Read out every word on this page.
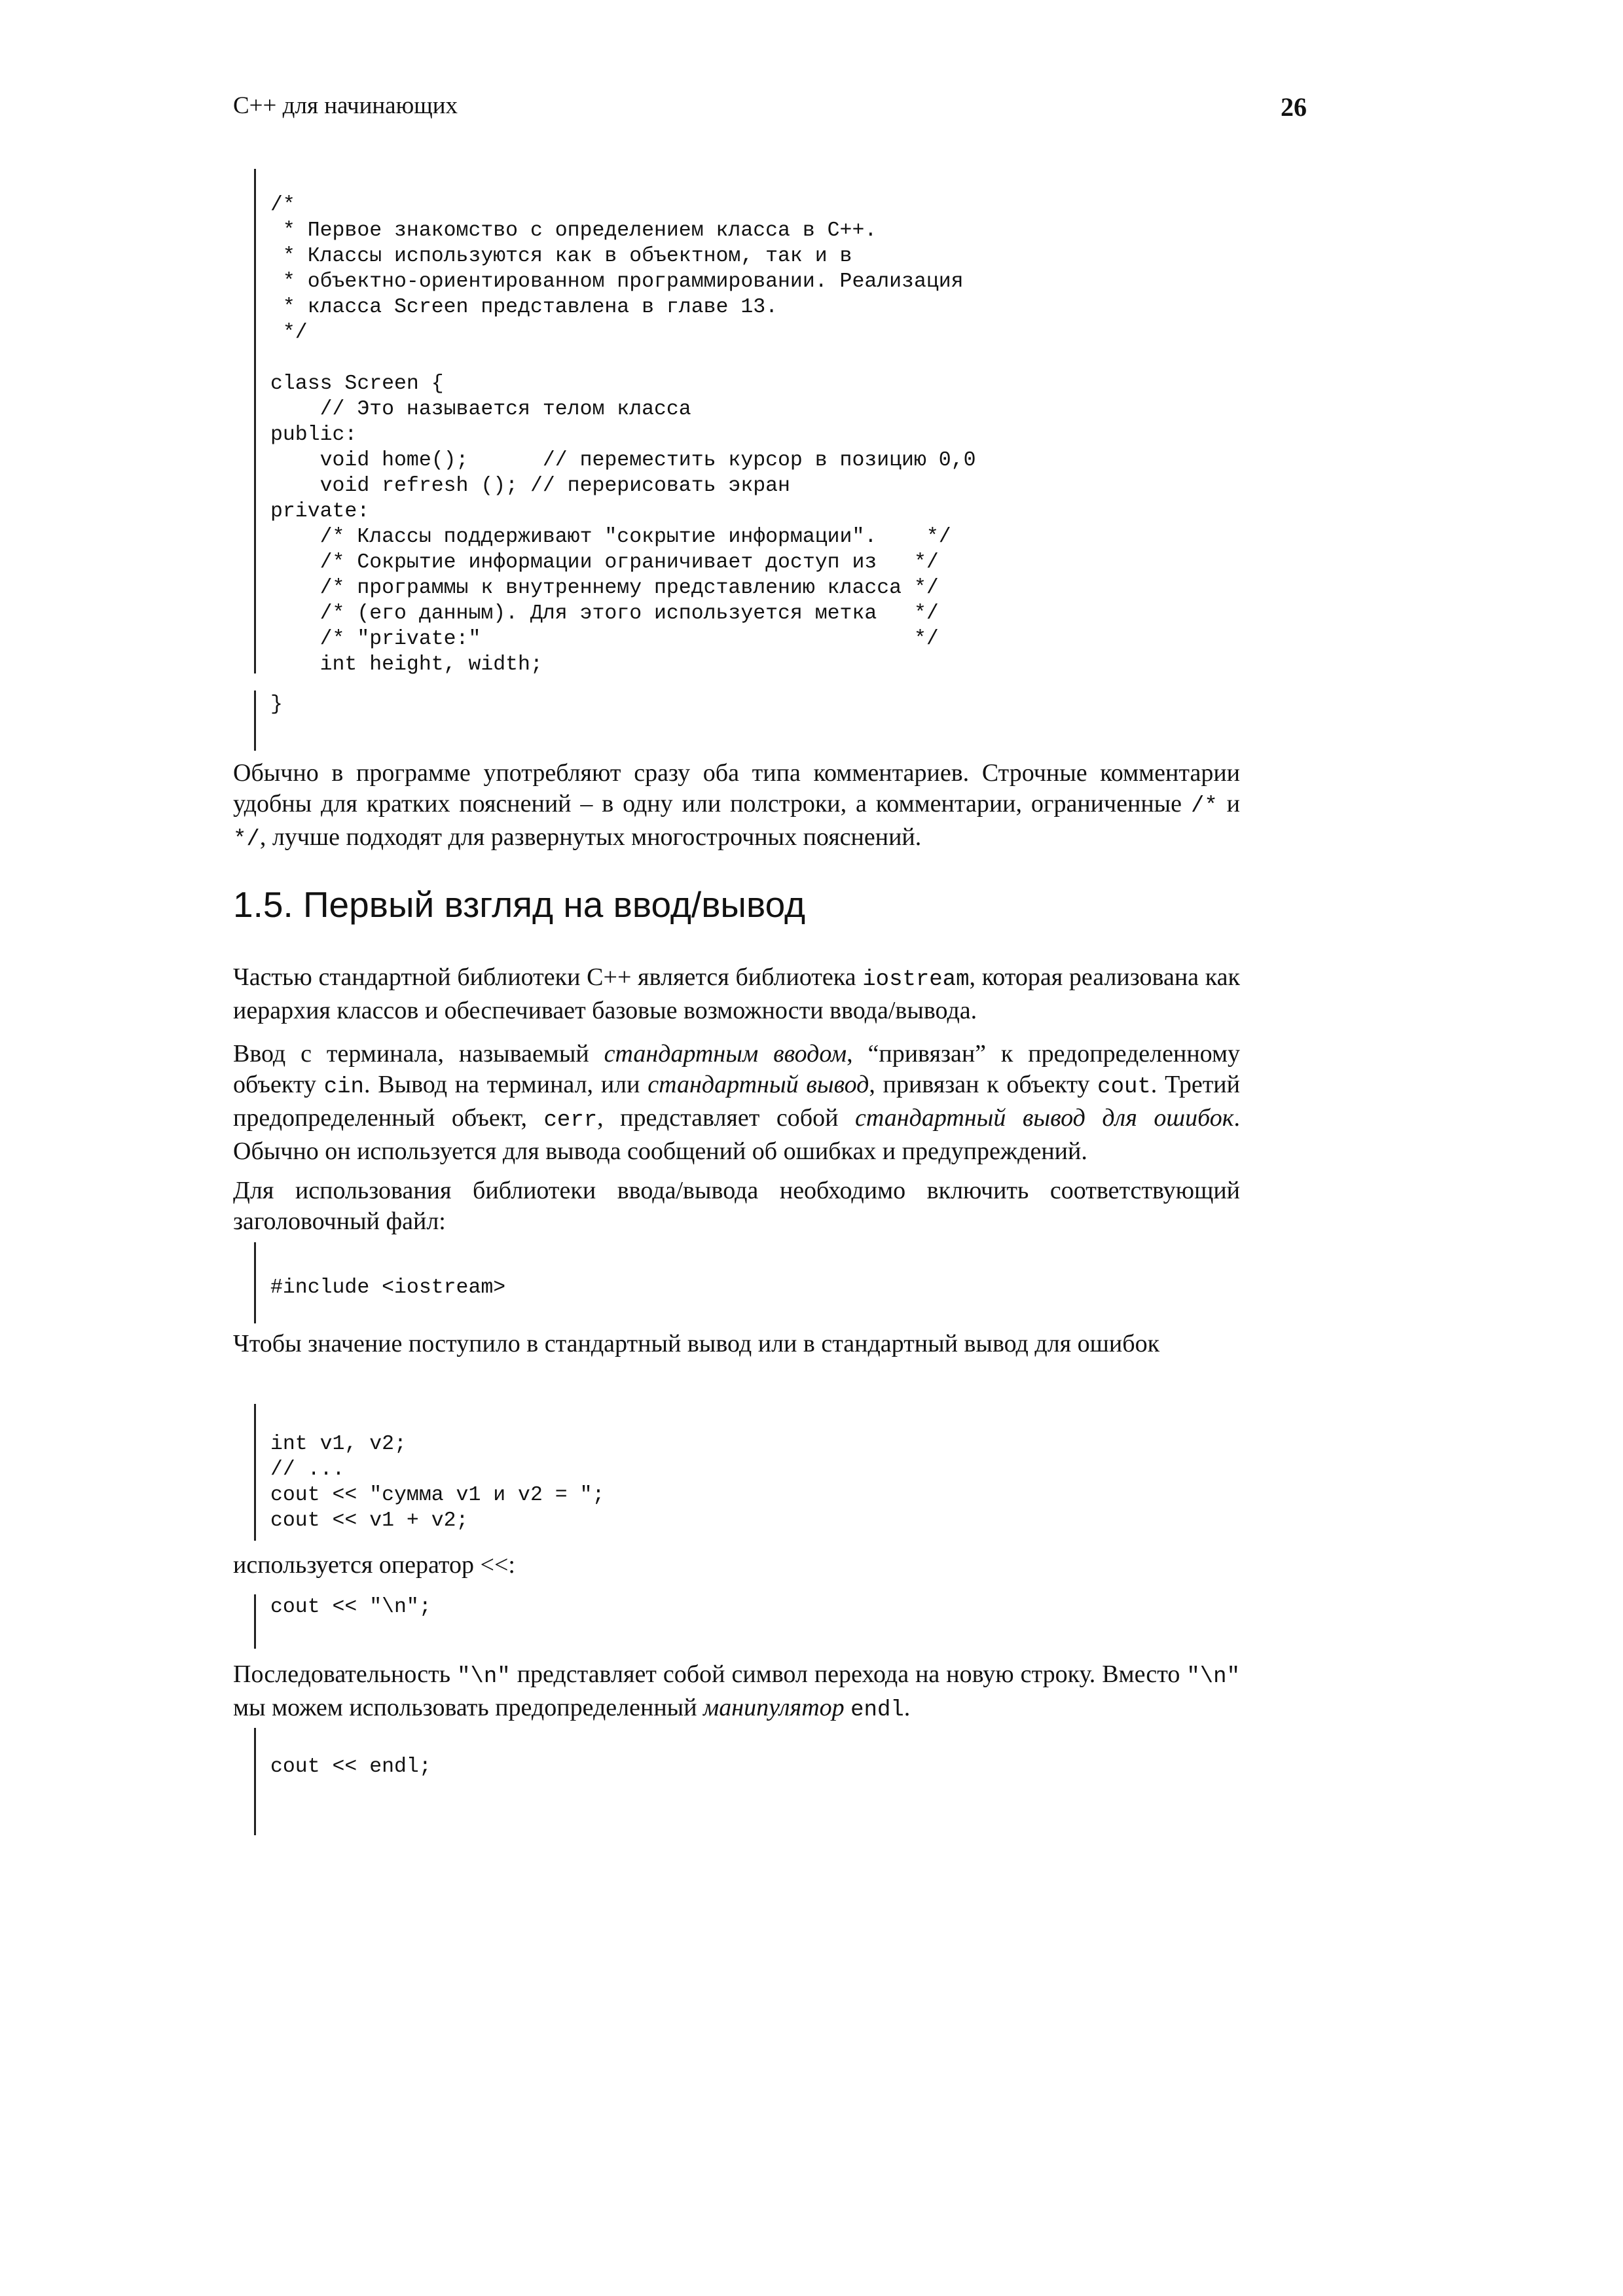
C++ для начинающих	26
/*
* Первое знакомство с определением класса в C++.
* Классы используются как в объектном, так и в
* объектно-ориентированном программировании. Реализация
* класса Screen представлена в главе 13.
*/

class Screen {
// Это называется телом класса
public:
void home();      // переместить курсор в позицию 0,0
void refresh (); // перерисовать экран
private:
/* Классы поддерживают "сокрытие информации".    */
/* Сокрытие информации ограничивает доступ из   */
/* программы к внутреннему представлению класса */
/* (его данным). Для этого используется метка   */
/* "private:"                                   */
int height, width;
}

Обычно в программе употребляют сразу оба типа комментариев. Строчные комментарии удобны для кратких пояснений – в одну или полстроки, а комментарии, ограниченные /* и */, лучше подходят для развернутых многострочных пояснений.

1.5. Первый взгляд на ввод/вывод

Частью стандартной библиотеки C++ является библиотека iostream, которая реализована как иерархия классов и обеспечивает базовые возможности ввода/вывода.

Ввод с терминала, называемый стандартным вводом, “привязан” к предопределенному объекту cin. Вывод на терминал, или стандартный вывод, привязан к объекту cout. Третий предопределенный объект, cerr, представляет собой стандартный вывод для ошибок. Обычно он используется для вывода сообщений об ошибках и предупреждений.

Для использования библиотеки ввода/вывода необходимо включить соответствующий заголовочный файл:

#include <iostream>

Чтобы значение поступило в стандартный вывод или в стандартный вывод для ошибок

int v1, v2;
// ...
cout << "сумма v1 и v2 = ";
cout << v1 + v2;

используется оператор <<:

cout << "\n";

Последовательность "\n" представляет собой символ перехода на новую строку. Вместо "\n" мы можем использовать предопределенный манипулятор endl.

cout << endl;
